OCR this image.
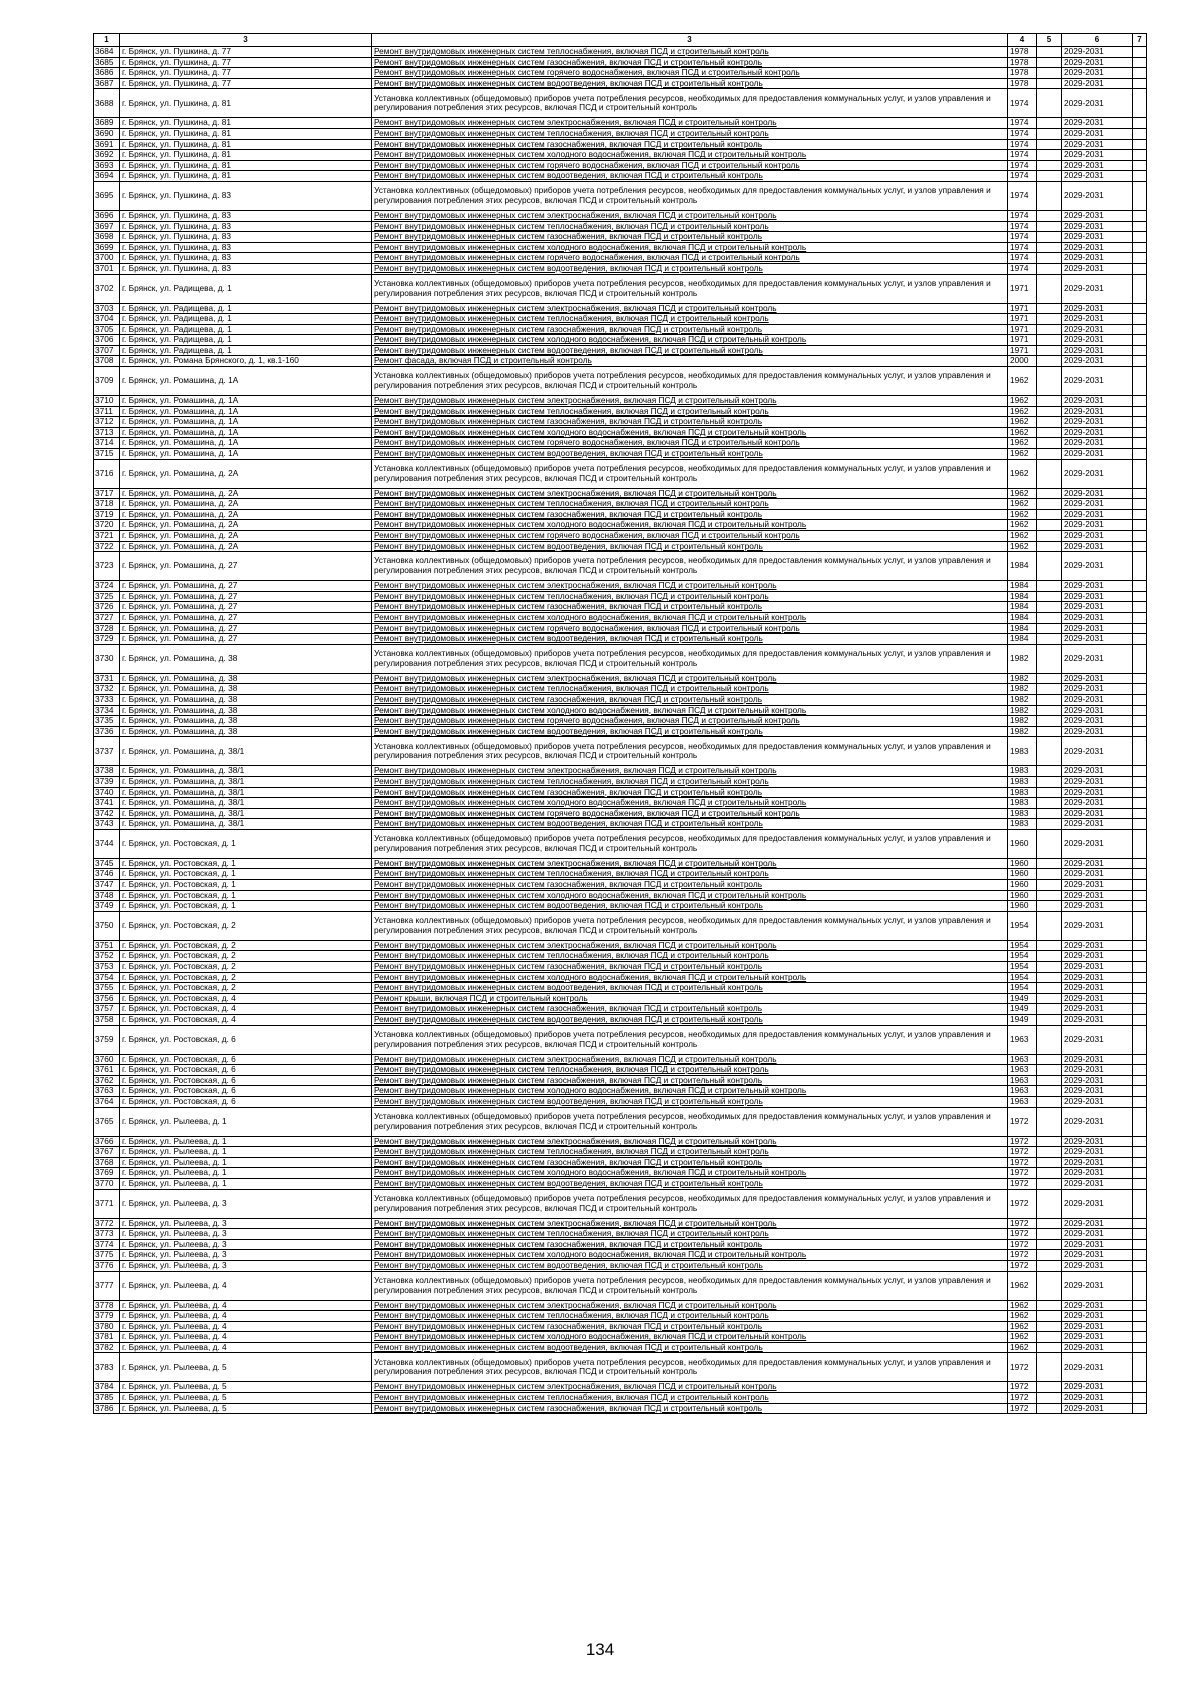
1	3	3	4	5	6	7
3684	г. Брянск, ул. Пушкина, д. 77	Ремонт внутридомовых инженерных систем теплоснабжения, включая ПСД и строительный контроль	1978		2029-2031	
3685	г. Брянск, ул. Пушкина, д. 77	Ремонт внутридомовых инженерных систем газоснабжения, включая ПСД и строительный контроль	1978		2029-2031	
3686	г. Брянск, ул. Пушкина, д. 77	Ремонт внутридомовых инженерных систем горячего водоснабжения, включая ПСД и строительный контроль	1978		2029-2031	
3687	г. Брянск, ул. Пушкина, д. 77	Ремонт внутридомовых инженерных систем водоотведения, включая ПСД и строительный контроль	1978		2029-2031	
3688	г. Брянск, ул. Пушкина, д. 81	Установка коллективных (общедомовых) приборов учета потребления ресурсов, необходимых для предоставления коммунальных услуг, и узлов управления и регулирования потребления этих ресурсов, включая ПСД и строительный контроль	1974		2029-2031	
3689	г. Брянск, ул. Пушкина, д. 81	Ремонт внутридомовых инженерных систем электроснабжения, включая ПСД и строительный контроль	1974		2029-2031	
3690	г. Брянск, ул. Пушкина, д. 81	Ремонт внутридомовых инженерных систем теплоснабжения, включая ПСД и строительный контроль	1974		2029-2031	
3691	г. Брянск, ул. Пушкина, д. 81	Ремонт внутридомовых инженерных систем газоснабжения, включая ПСД и строительный контроль	1974		2029-2031	
3692	г. Брянск, ул. Пушкина, д. 81	Ремонт внутридомовых инженерных систем холодного водоснабжения, включая ПСД и строительный контроль	1974		2029-2031	
3693	г. Брянск, ул. Пушкина, д. 81	Ремонт внутридомовых инженерных систем горячего водоснабжения, включая ПСД и строительный контроль	1974		2029-2031	
3694	г. Брянск, ул. Пушкина, д. 81	Ремонт внутридомовых инженерных систем водоотведения, включая ПСД и строительный контроль	1974		2029-2031	
3695	г. Брянск, ул. Пушкина, д. 83	Установка коллективных (общедомовых) приборов учета потребления ресурсов, необходимых для предоставления коммунальных услуг, и узлов управления и регулирования потребления этих ресурсов, включая ПСД и строительный контроль	1974		2029-2031	
3696	г. Брянск, ул. Пушкина, д. 83	Ремонт внутридомовых инженерных систем электроснабжения, включая ПСД и строительный контроль	1974		2029-2031	
3697	г. Брянск, ул. Пушкина, д. 83	Ремонт внутридомовых инженерных систем теплоснабжения, включая ПСД и строительный контроль	1974		2029-2031	
3698	г. Брянск, ул. Пушкина, д. 83	Ремонт внутридомовых инженерных систем газоснабжения, включая ПСД и строительный контроль	1974		2029-2031	
3699	г. Брянск, ул. Пушкина, д. 83	Ремонт внутридомовых инженерных систем холодного водоснабжения, включая ПСД и строительный контроль	1974		2029-2031	
3700	г. Брянск, ул. Пушкина, д. 83	Ремонт внутридомовых инженерных систем горячего водоснабжения, включая ПСД и строительный контроль	1974		2029-2031	
3701	г. Брянск, ул. Пушкина, д. 83	Ремонт внутридомовых инженерных систем водоотведения, включая ПСД и строительный контроль	1974		2029-2031	
3702	г. Брянск, ул. Радищева, д. 1	Установка коллективных (общедомовых) приборов учета потребления ресурсов, необходимых для предоставления коммунальных услуг, и узлов управления и регулирования потребления этих ресурсов, включая ПСД и строительный контроль	1971		2029-2031	
3703	г. Брянск, ул. Радищева, д. 1	Ремонт внутридомовых инженерных систем электроснабжения, включая ПСД и строительный контроль	1971		2029-2031	
3704	г. Брянск, ул. Радищева, д. 1	Ремонт внутридомовых инженерных систем теплоснабжения, включая ПСД и строительный контроль	1971		2029-2031	
3705	г. Брянск, ул. Радищева, д. 1	Ремонт внутридомовых инженерных систем газоснабжения, включая ПСД и строительный контроль	1971		2029-2031	
3706	г. Брянск, ул. Радищева, д. 1	Ремонт внутридомовых инженерных систем холодного водоснабжения, включая ПСД и строительный контроль	1971		2029-2031	
3707	г. Брянск, ул. Радищева, д. 1	Ремонт внутридомовых инженерных систем водоотведения, включая ПСД и строительный контроль	1971		2029-2031	
3708	г. Брянск, ул. Романа Брянского, д. 1, кв.1-160	Ремонт фасада, включая ПСД и строительный контроль	2000		2029-2031	
3709	г. Брянск, ул. Ромашина, д. 1А	Установка коллективных (общедомовых) приборов учета потребления ресурсов, необходимых для предоставления коммунальных услуг, и узлов управления и регулирования потребления этих ресурсов, включая ПСД и строительный контроль	1962		2029-2031	
3710	г. Брянск, ул. Ромашина, д. 1А	Ремонт внутридомовых инженерных систем электроснабжения, включая ПСД и строительный контроль	1962		2029-2031	
3711	г. Брянск, ул. Ромашина, д. 1А	Ремонт внутридомовых инженерных систем теплоснабжения, включая ПСД и строительный контроль	1962		2029-2031	
3712	г. Брянск, ул. Ромашина, д. 1А	Ремонт внутридомовых инженерных систем газоснабжения, включая ПСД и строительный контроль	1962		2029-2031	
3713	г. Брянск, ул. Ромашина, д. 1А	Ремонт внутридомовых инженерных систем холодного водоснабжения, включая ПСД и строительный контроль	1962		2029-2031	
3714	г. Брянск, ул. Ромашина, д. 1А	Ремонт внутридомовых инженерных систем горячего водоснабжения, включая ПСД и строительный контроль	1962		2029-2031	
3715	г. Брянск, ул. Ромашина, д. 1А	Ремонт внутридомовых инженерных систем водоотведения, включая ПСД и строительный контроль	1962		2029-2031	
3716	г. Брянск, ул. Ромашина, д. 2А	Установка коллективных (общедомовых) приборов учета потребления ресурсов, необходимых для предоставления коммунальных услуг, и узлов управления и регулирования потребления этих ресурсов, включая ПСД и строительный контроль	1962		2029-2031	
3717	г. Брянск, ул. Ромашина, д. 2А	Ремонт внутридомовых инженерных систем электроснабжения, включая ПСД и строительный контроль	1962		2029-2031	
3718	г. Брянск, ул. Ромашина, д. 2А	Ремонт внутридомовых инженерных систем теплоснабжения, включая ПСД и строительный контроль	1962		2029-2031	
3719	г. Брянск, ул. Ромашина, д. 2А	Ремонт внутридомовых инженерных систем газоснабжения, включая ПСД и строительный контроль	1962		2029-2031	
3720	г. Брянск, ул. Ромашина, д. 2А	Ремонт внутридомовых инженерных систем холодного водоснабжения, включая ПСД и строительный контроль	1962		2029-2031	
3721	г. Брянск, ул. Ромашина, д. 2А	Ремонт внутридомовых инженерных систем горячего водоснабжения, включая ПСД и строительный контроль	1962		2029-2031	
3722	г. Брянск, ул. Ромашина, д. 2А	Ремонт внутридомовых инженерных систем водоотведения, включая ПСД и строительный контроль	1962		2029-2031	
3723	г. Брянск, ул. Ромашина, д. 27	Установка коллективных (общедомовых) приборов учета потребления ресурсов, необходимых для предоставления коммунальных услуг, и узлов управления и регулирования потребления этих ресурсов, включая ПСД и строительный контроль	1984		2029-2031	
3724	г. Брянск, ул. Ромашина, д. 27	Ремонт внутридомовых инженерных систем электроснабжения, включая ПСД и строительный контроль	1984		2029-2031	
3725	г. Брянск, ул. Ромашина, д. 27	Ремонт внутридомовых инженерных систем теплоснабжения, включая ПСД и строительный контроль	1984		2029-2031	
3726	г. Брянск, ул. Ромашина, д. 27	Ремонт внутридомовых инженерных систем газоснабжения, включая ПСД и строительный контроль	1984		2029-2031	
3727	г. Брянск, ул. Ромашина, д. 27	Ремонт внутридомовых инженерных систем холодного водоснабжения, включая ПСД и строительный контроль	1984		2029-2031	
3728	г. Брянск, ул. Ромашина, д. 27	Ремонт внутридомовых инженерных систем горячего водоснабжения, включая ПСД и строительный контроль	1984		2029-2031	
3729	г. Брянск, ул. Ромашина, д. 27	Ремонт внутридомовых инженерных систем водоотведения, включая ПСД и строительный контроль	1984		2029-2031	
3730	г. Брянск, ул. Ромашина, д. 38	Установка коллективных (общедомовых) приборов учета потребления ресурсов, необходимых для предоставления коммунальных услуг, и узлов управления и регулирования потребления этих ресурсов, включая ПСД и строительный контроль	1982		2029-2031	
3731	г. Брянск, ул. Ромашина, д. 38	Ремонт внутридомовых инженерных систем электроснабжения, включая ПСД и строительный контроль	1982		2029-2031	
3732	г. Брянск, ул. Ромашина, д. 38	Ремонт внутридомовых инженерных систем теплоснабжения, включая ПСД и строительный контроль	1982		2029-2031	
3733	г. Брянск, ул. Ромашина, д. 38	Ремонт внутридомовых инженерных систем газоснабжения, включая ПСД и строительный контроль	1982		2029-2031	
3734	г. Брянск, ул. Ромашина, д. 38	Ремонт внутридомовых инженерных систем холодного водоснабжения, включая ПСД и строительный контроль	1982		2029-2031	
3735	г. Брянск, ул. Ромашина, д. 38	Ремонт внутридомовых инженерных систем горячего водоснабжения, включая ПСД и строительный контроль	1982		2029-2031	
3736	г. Брянск, ул. Ромашина, д. 38	Ремонт внутридомовых инженерных систем водоотведения, включая ПСД и строительный контроль	1982		2029-2031	
3737	г. Брянск, ул. Ромашина, д. 38/1	Установка коллективных (общедомовых) приборов учета потребления ресурсов, необходимых для предоставления коммунальных услуг, и узлов управления и регулирования потребления этих ресурсов, включая ПСД и строительный контроль	1983		2029-2031	
3738	г. Брянск, ул. Ромашина, д. 38/1	Ремонт внутридомовых инженерных систем электроснабжения, включая ПСД и строительный контроль	1983		2029-2031	
3739	г. Брянск, ул. Ромашина, д. 38/1	Ремонт внутридомовых инженерных систем теплоснабжения, включая ПСД и строительный контроль	1983		2029-2031	
3740	г. Брянск, ул. Ромашина, д. 38/1	Ремонт внутридомовых инженерных систем газоснабжения, включая ПСД и строительный контроль	1983		2029-2031	
3741	г. Брянск, ул. Ромашина, д. 38/1	Ремонт внутридомовых инженерных систем холодного водоснабжения, включая ПСД и строительный контроль	1983		2029-2031	
3742	г. Брянск, ул. Ромашина, д. 38/1	Ремонт внутридомовых инженерных систем горячего водоснабжения, включая ПСД и строительный контроль	1983		2029-2031	
3743	г. Брянск, ул. Ромашина, д. 38/1	Ремонт внутридомовых инженерных систем водоотведения, включая ПСД и строительный контроль	1983		2029-2031	
3744	г. Брянск, ул. Ростовская, д. 1	Установка коллективных (общедомовых) приборов учета потребления ресурсов, необходимых для предоставления коммунальных услуг, и узлов управления и регулирования потребления этих ресурсов, включая ПСД и строительный контроль	1960		2029-2031	
3745	г. Брянск, ул. Ростовская, д. 1	Ремонт внутридомовых инженерных систем электроснабжения, включая ПСД и строительный контроль	1960		2029-2031	
3746	г. Брянск, ул. Ростовская, д. 1	Ремонт внутридомовых инженерных систем теплоснабжения, включая ПСД и строительный контроль	1960		2029-2031	
3747	г. Брянск, ул. Ростовская, д. 1	Ремонт внутридомовых инженерных систем газоснабжения, включая ПСД и строительный контроль	1960		2029-2031	
3748	г. Брянск, ул. Ростовская, д. 1	Ремонт внутридомовых инженерных систем холодного водоснабжения, включая ПСД и строительный контроль	1960		2029-2031	
3749	г. Брянск, ул. Ростовская, д. 1	Ремонт внутридомовых инженерных систем водоотведения, включая ПСД и строительный контроль	1960		2029-2031	
3750	г. Брянск, ул. Ростовская, д. 2	Установка коллективных (общедомовых) приборов учета потребления ресурсов, необходимых для предоставления коммунальных услуг, и узлов управления и регулирования потребления этих ресурсов, включая ПСД и строительный контроль	1954		2029-2031	
3751	г. Брянск, ул. Ростовская, д. 2	Ремонт внутридомовых инженерных систем электроснабжения, включая ПСД и строительный контроль	1954		2029-2031	
3752	г. Брянск, ул. Ростовская, д. 2	Ремонт внутридомовых инженерных систем теплоснабжения, включая ПСД и строительный контроль	1954		2029-2031	
3753	г. Брянск, ул. Ростовская, д. 2	Ремонт внутридомовых инженерных систем газоснабжения, включая ПСД и строительный контроль	1954		2029-2031	
3754	г. Брянск, ул. Ростовская, д. 2	Ремонт внутридомовых инженерных систем холодного водоснабжения, включая ПСД и строительный контроль	1954		2029-2031	
3755	г. Брянск, ул. Ростовская, д. 2	Ремонт внутридомовых инженерных систем водоотведения, включая ПСД и строительный контроль	1954		2029-2031	
3756	г. Брянск, ул. Ростовская, д. 4	Ремонт крыши, включая ПСД и строительный контроль	1949		2029-2031	
3757	г. Брянск, ул. Ростовская, д. 4	Ремонт внутридомовых инженерных систем газоснабжения, включая ПСД и строительный контроль	1949		2029-2031	
3758	г. Брянск, ул. Ростовская, д. 4	Ремонт внутридомовых инженерных систем водоотведения, включая ПСД и строительный контроль	1949		2029-2031	
3759	г. Брянск, ул. Ростовская, д. 6	Установка коллективных (общедомовых) приборов учета потребления ресурсов, необходимых для предоставления коммунальных услуг, и узлов управления и регулирования потребления этих ресурсов, включая ПСД и строительный контроль	1963		2029-2031	
3760	г. Брянск, ул. Ростовская, д. 6	Ремонт внутридомовых инженерных систем электроснабжения, включая ПСД и строительный контроль	1963		2029-2031	
3761	г. Брянск, ул. Ростовская, д. 6	Ремонт внутридомовых инженерных систем теплоснабжения, включая ПСД и строительный контроль	1963		2029-2031	
3762	г. Брянск, ул. Ростовская, д. 6	Ремонт внутридомовых инженерных систем газоснабжения, включая ПСД и строительный контроль	1963		2029-2031	
3763	г. Брянск, ул. Ростовская, д. 6	Ремонт внутридомовых инженерных систем холодного водоснабжения, включая ПСД и строительный контроль	1963		2029-2031	
3764	г. Брянск, ул. Ростовская, д. 6	Ремонт внутридомовых инженерных систем водоотведения, включая ПСД и строительный контроль	1963		2029-2031	
3765	г. Брянск, ул. Рылеева, д. 1	Установка коллективных (общедомовых) приборов учета потребления ресурсов, необходимых для предоставления коммунальных услуг, и узлов управления и регулирования потребления этих ресурсов, включая ПСД и строительный контроль	1972		2029-2031	
3766	г. Брянск, ул. Рылеева, д. 1	Ремонт внутридомовых инженерных систем электроснабжения, включая ПСД и строительный контроль	1972		2029-2031	
3767	г. Брянск, ул. Рылеева, д. 1	Ремонт внутридомовых инженерных систем теплоснабжения, включая ПСД и строительный контроль	1972		2029-2031	
3768	г. Брянск, ул. Рылеева, д. 1	Ремонт внутридомовых инженерных систем газоснабжения, включая ПСД и строительный контроль	1972		2029-2031	
3769	г. Брянск, ул. Рылеева, д. 1	Ремонт внутридомовых инженерных систем холодного водоснабжения, включая ПСД и строительный контроль	1972		2029-2031	
3770	г. Брянск, ул. Рылеева, д. 1	Ремонт внутридомовых инженерных систем водоотведения, включая ПСД и строительный контроль	1972		2029-2031	
3771	г. Брянск, ул. Рылеева, д. 3	Установка коллективных (общедомовых) приборов учета потребления ресурсов, необходимых для предоставления коммунальных услуг, и узлов управления и регулирования потребления этих ресурсов, включая ПСД и строительный контроль	1972		2029-2031	
3772	г. Брянск, ул. Рылеева, д. 3	Ремонт внутридомовых инженерных систем электроснабжения, включая ПСД и строительный контроль	1972		2029-2031	
3773	г. Брянск, ул. Рылеева, д. 3	Ремонт внутридомовых инженерных систем теплоснабжения, включая ПСД и строительный контроль	1972		2029-2031	
3774	г. Брянск, ул. Рылеева, д. 3	Ремонт внутридомовых инженерных систем газоснабжения, включая ПСД и строительный контроль	1972		2029-2031	
3775	г. Брянск, ул. Рылеева, д. 3	Ремонт внутридомовых инженерных систем холодного водоснабжения, включая ПСД и строительный контроль	1972		2029-2031	
3776	г. Брянск, ул. Рылеева, д. 3	Ремонт внутридомовых инженерных систем водоотведения, включая ПСД и строительный контроль	1972		2029-2031	
3777	г. Брянск, ул. Рылеева, д. 4	Установка коллективных (общедомовых) приборов учета потребления ресурсов, необходимых для предоставления коммунальных услуг, и узлов управления и регулирования потребления этих ресурсов, включая ПСД и строительный контроль	1962		2029-2031	
3778	г. Брянск, ул. Рылеева, д. 4	Ремонт внутридомовых инженерных систем электроснабжения, включая ПСД и строительный контроль	1962		2029-2031	
3779	г. Брянск, ул. Рылеева, д. 4	Ремонт внутридомовых инженерных систем теплоснабжения, включая ПСД и строительный контроль	1962		2029-2031	
3780	г. Брянск, ул. Рылеева, д. 4	Ремонт внутридомовых инженерных систем газоснабжения, включая ПСД и строительный контроль	1962		2029-2031	
3781	г. Брянск, ул. Рылеева, д. 4	Ремонт внутридомовых инженерных систем холодного водоснабжения, включая ПСД и строительный контроль	1962		2029-2031	
3782	г. Брянск, ул. Рылеева, д. 4	Ремонт внутридомовых инженерных систем водоотведения, включая ПСД и строительный контроль	1962		2029-2031	
3783	г. Брянск, ул. Рылеева, д. 5	Установка коллективных (общедомовых) приборов учета потребления ресурсов, необходимых для предоставления коммунальных услуг, и узлов управления и регулирования потребления этих ресурсов, включая ПСД и строительный контроль	1972		2029-2031	
3784	г. Брянск, ул. Рылеева, д. 5	Ремонт внутридомовых инженерных систем электроснабжения, включая ПСД и строительный контроль	1972		2029-2031	
3785	г. Брянск, ул. Рылеева, д. 5	Ремонт внутридомовых инженерных систем теплоснабжения, включая ПСД и строительный контроль	1972		2029-2031	
3786	г. Брянск, ул. Рылеева, д. 5	Ремонт внутридомовых инженерных систем газоснабжения, включая ПСД и строительный контроль	1972		2029-2031	
134
